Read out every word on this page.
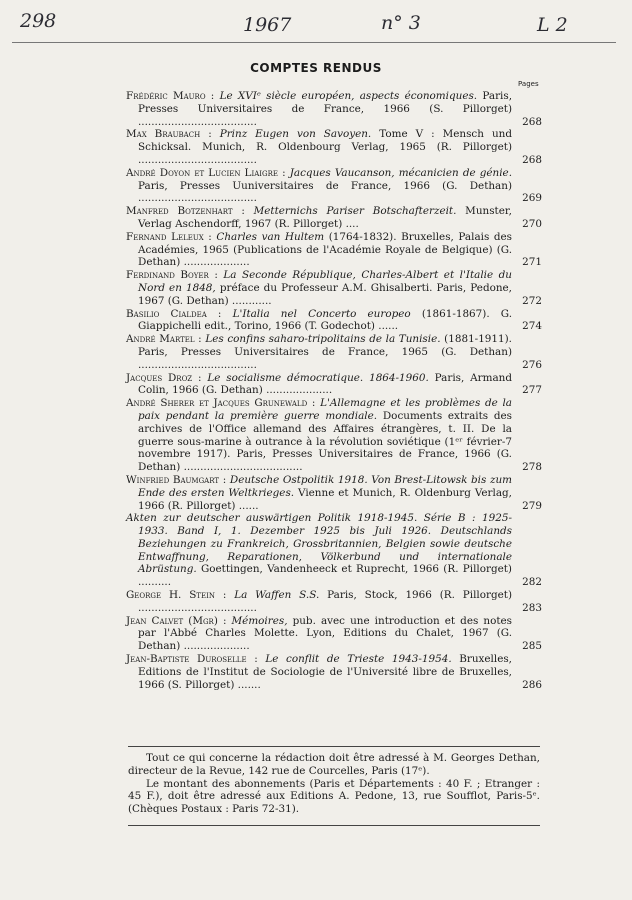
298	1967	n° 3	L 2
COMPTES RENDUS
Pages
Frédéric Mauro : Le XVIᵉ siècle européen, aspects économiques. Paris, Presses Universitaires de France, 1966 (S. Pillorget) ....................................	268
Max Braubach : Prinz Eugen von Savoyen. Tome V : Mensch und Schicksal. Munich, R. Oldenbourg Verlag, 1965 (R. Pillorget) ....................................	268
André Doyon et Lucien Liaigre : Jacques Vaucanson, mécanicien de génie. Paris, Presses Uuniversitaires de France, 1966 (G. Dethan) ....................................	269
Manfred Botzenhart : Metternichs Pariser Botschafterzeit. Munster, Verlag Aschendorff, 1967 (R. Pillorget) ....	270
Fernand Leleux : Charles van Hultem (1764-1832). Bruxelles, Palais des Académies, 1965 (Publications de l'Académie Royale de Belgique) (G. Dethan) ....................	271
Ferdinand Boyer : La Seconde République, Charles-Albert et l'Italie du Nord en 1848, préface du Professeur A.M. Ghisalberti. Paris, Pedone, 1967 (G. Dethan) ............	272
Basilio Cialdea : L'Italia nel Concerto europeo (1861-1867). G. Giappichelli edit., Torino, 1966 (T. Godechot) ......	274
André Martel : Les confins saharo-tripolitains de la Tunisie. (1881-1911). Paris, Presses Universitaires de France, 1965 (G. Dethan) ....................................	276
Jacques Droz : Le socialisme démocratique. 1864-1960. Paris, Armand Colin, 1966 (G. Dethan) ....................	277
André Sherer et Jacques Grunewald : L'Allemagne et les problèmes de la paix pendant la première guerre mondiale. Documents extraits des archives de l'Office allemand des Affaires étrangères, t. II. De la guerre sous-marine à outrance à la révolution soviétique (1ᵉʳ février-7 novembre 1917). Paris, Presses Universitaires de France, 1966 (G. Dethan) ....................................	278
Winfried Baumgart : Deutsche Ostpolitik 1918. Von Brest-Litowsk bis zum Ende des ersten Weltkrieges. Vienne et Munich, R. Oldenburg Verlag, 1966 (R. Pillorget) ......	279
Akten zur deutscher auswärtigen Politik 1918-1945. Série B : 1925-1933. Band I, 1. Dezember 1925 bis Juli 1926. Deutschlands Beziehungen zu Frankreich, Grossbritannien, Belgien sowie deutsche Entwaffnung, Reparationen, Völkerbund und internationale Abrüstung. Goettingen, Vandenheeck et Ruprecht, 1966 (R. Pillorget) ..........	282
George H. Stein : La Waffen S.S. Paris, Stock, 1966 (R. Pillorget) ....................................	283
Jean Calvet (Mgr) : Mémoires, pub. avec une introduction et des notes par l'Abbé Charles Molette. Lyon, Editions du Chalet, 1967 (G. Dethan) ....................	285
Jean-Baptiste Duroselle : Le conflit de Trieste 1943-1954. Bruxelles, Editions de l'Institut de Sociologie de l'Université libre de Bruxelles, 1966 (S. Pillorget) .......	286

Tout ce qui concerne la rédaction doit être adressé à M. Georges Dethan, directeur de la Revue, 142 rue de Courcelles, Paris (17ᵉ).

Le montant des abonnements (Paris et Départements : 40 F. ; Etranger : 45 F.), doit être adressé aux Editions A. Pedone, 13, rue Soufflot, Paris-5ᵉ. (Chèques Postaux : Paris 72-31).
